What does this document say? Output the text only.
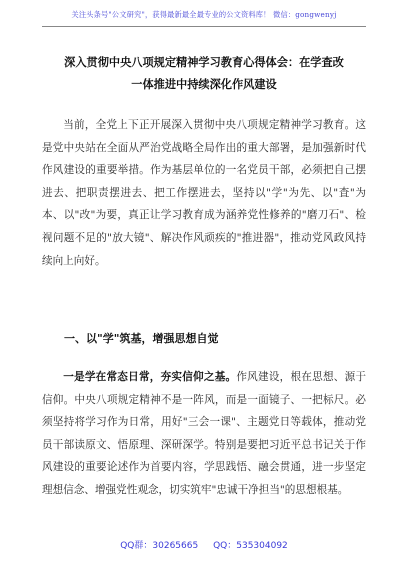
关注头条号"公文研究"，获得最新最全最专业的公文资料库！ 微信：gongwenyj
深入贯彻中央八项规定精神学习教育心得体会：在学査改
一体推进中持续深化作风建设
当前，全党上下正开展深入贯彻中央八项规定精神学习教育。这是党中央站在全面从严治党战略全局作出的重大部署，是加强新时代作风建设的重要举措。作为基层单位的一名党员干部，必须把自己摆进去、把职责摆进去、把工作摆进去，坚持以"学"为先、以"査"为本、以"改"为要，真正让学习教育成为涵养党性修养的"磨刀石"、检视问题不足的"放大镜"、解决作风顽疾的"推进器"，推动党风政风持续向上向好。
一、以"学"筑基，增强思想自觉
一是学在常态日常，夯实信仰之基。作风建设，根在思想、源于信仰。中央八项规定精神不是一阵风，而是一面镜子、一把标尺。必须坚持将学习作为日常，用好"三会一课"、主题党日等载体，推动党员干部读原文、悟原理、深研深学。特别是要把习近平总书记关于作风建设的重要论述作为首要内容，学思践悟、融会贯通，进一步坚定理想信念、增强党性观念，切实筑牢"忠诚干净担当"的思想根基。
QQ群：30265665 QQ：535304092
